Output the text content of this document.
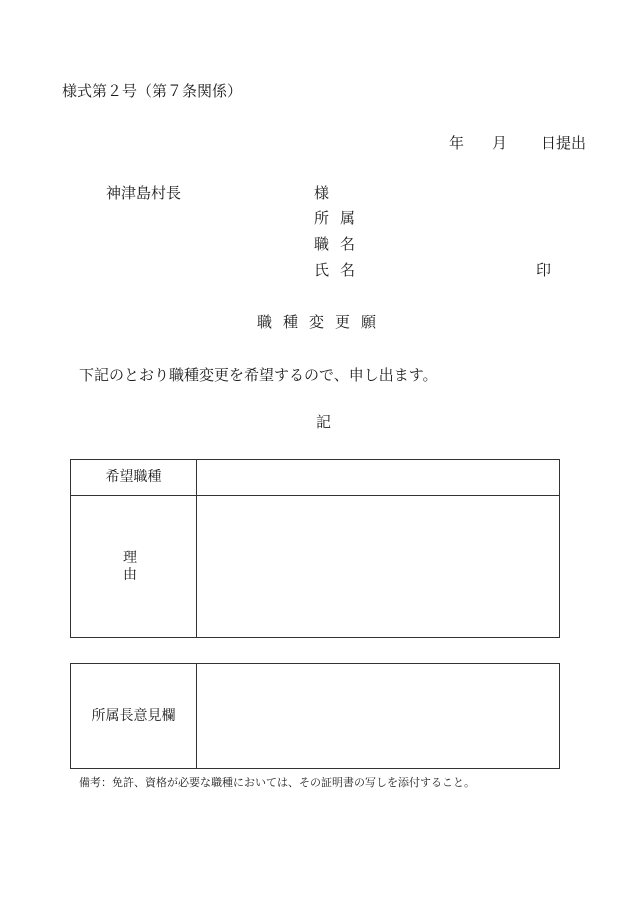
様式第２号（第７条関係）
年 月 日提出
神津島村長	様
所属
職名
氏名	印
職種変更願
下記のとおり職種変更を希望するので、申し出ます。
記
希望職種
理由
所属長意見欄
備考：免許、資格が必要な職種においては、その証明書の写しを添付すること。
